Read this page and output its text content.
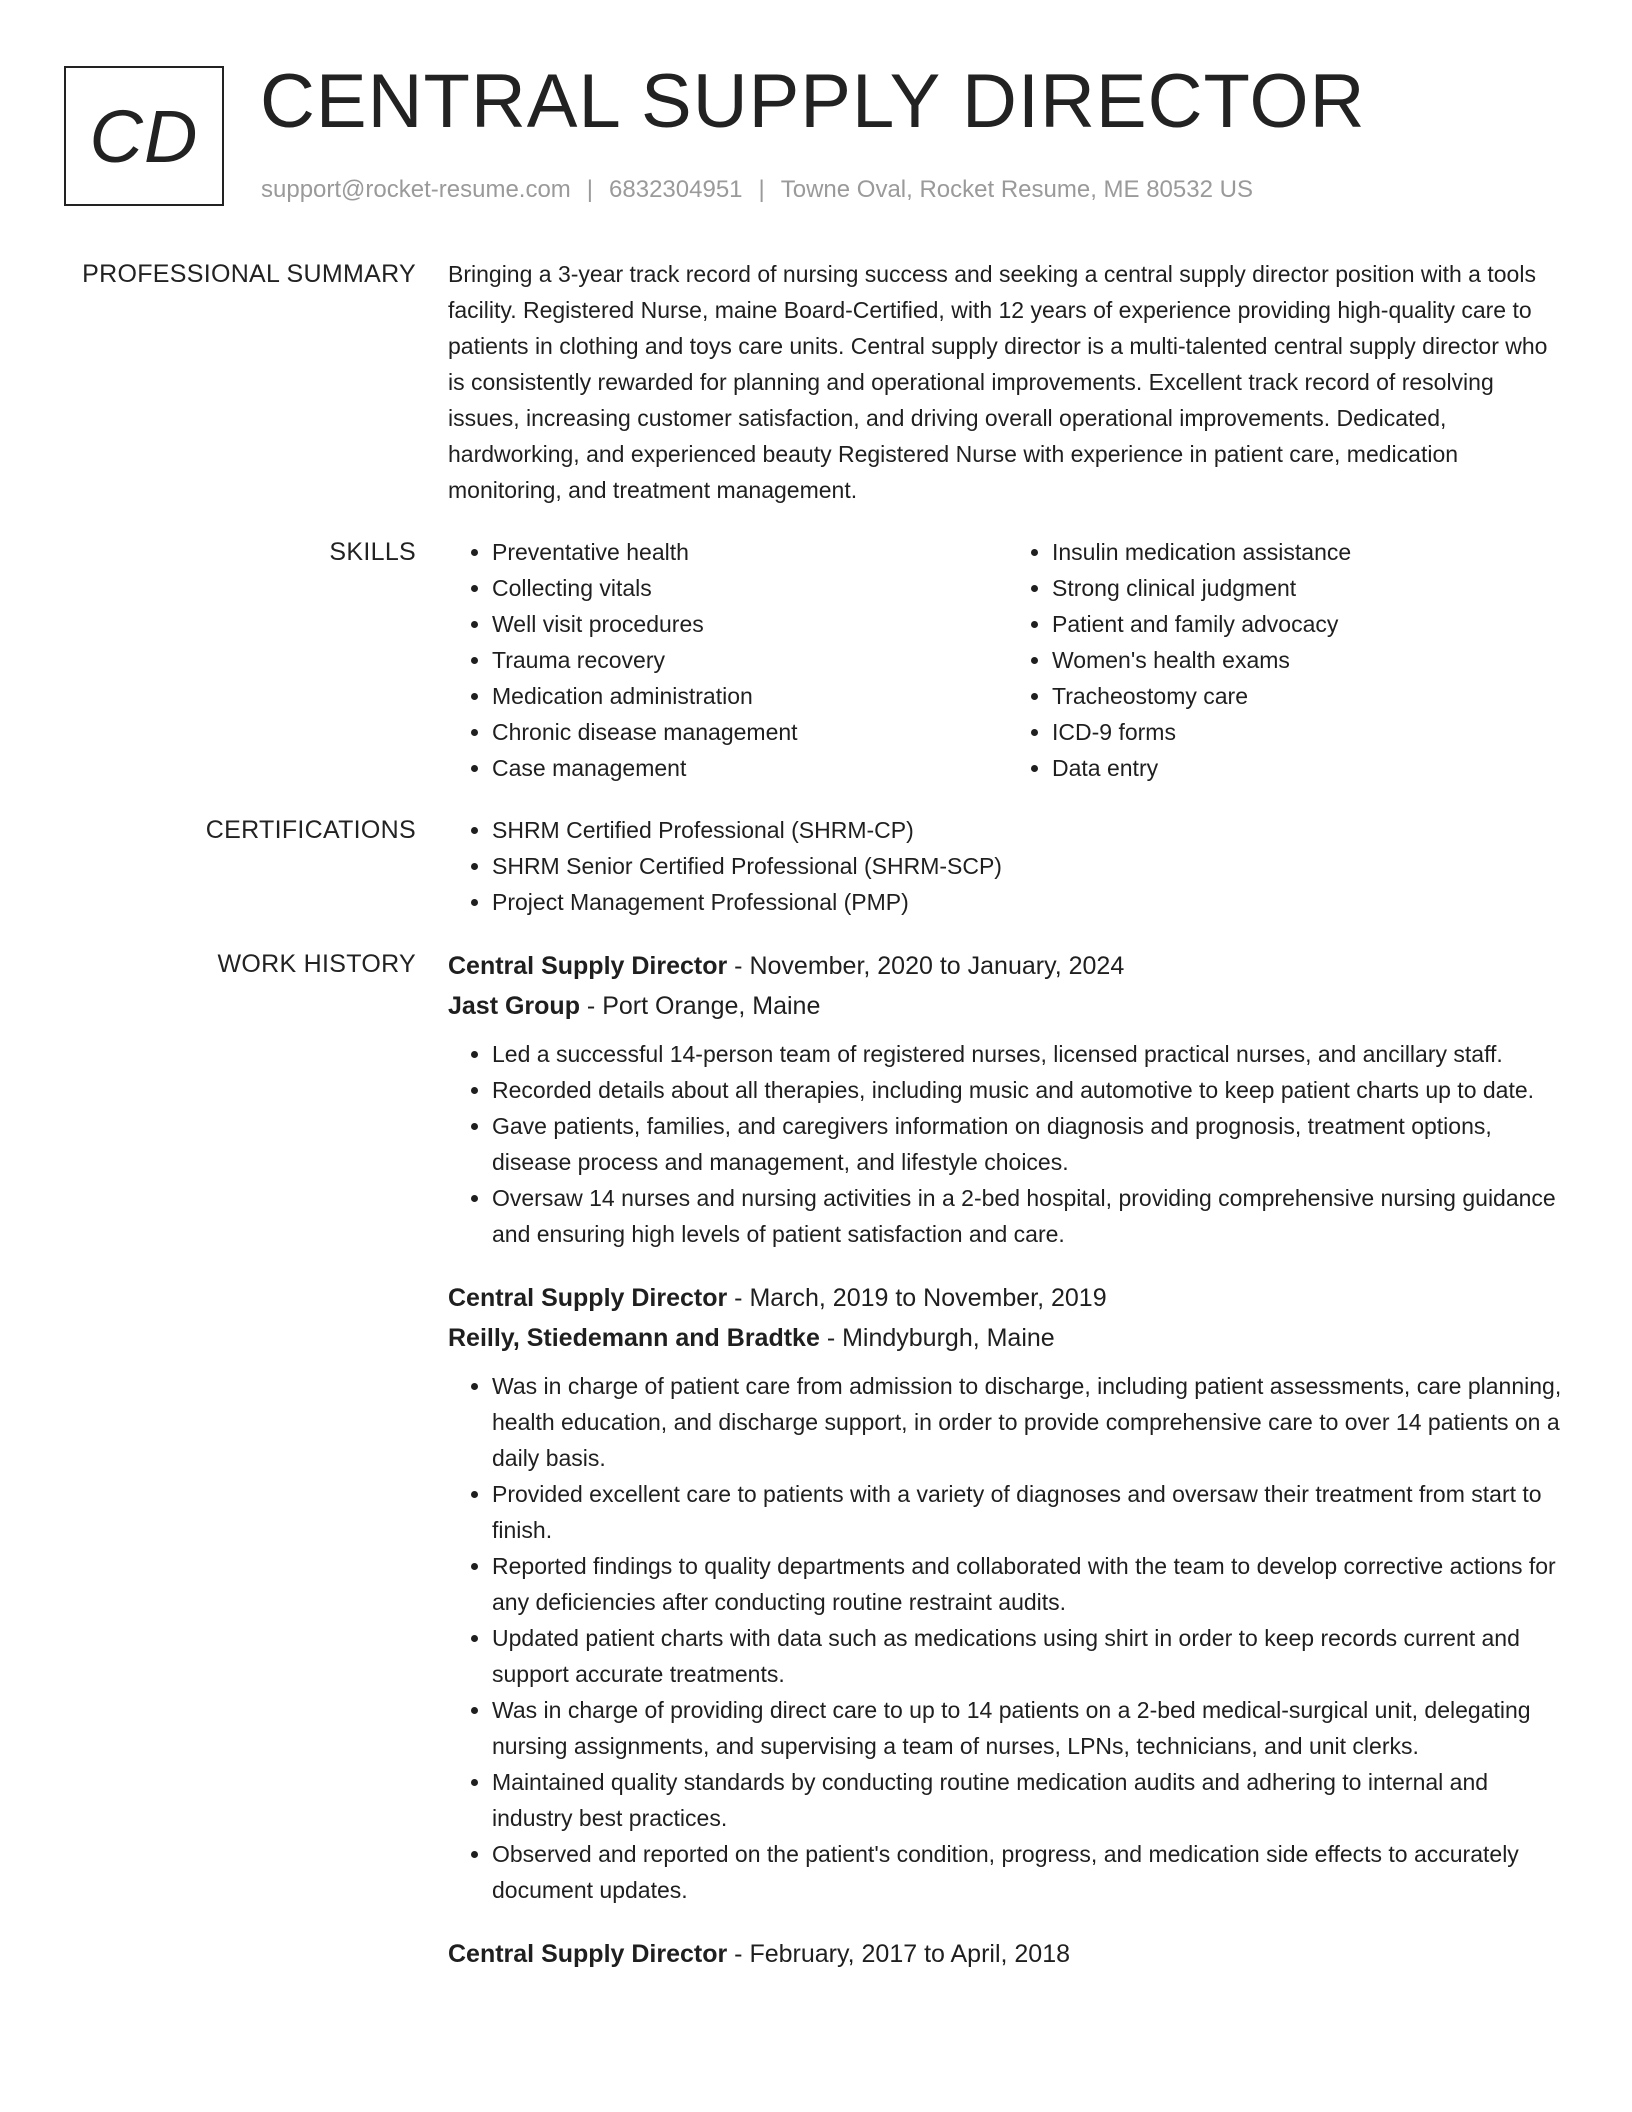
CD CENTRAL SUPPLY DIRECTOR
support@rocket-resume.com | 6832304951 | Towne Oval, Rocket Resume, ME 80532 US
PROFESSIONAL SUMMARY Bringing a 3-year track record of nursing success and seeking a central supply director position with a tools facility. Registered Nurse, maine Board-Certified, with 12 years of experience providing high-quality care to patients in clothing and toys care units. Central supply director is a multi-talented central supply director who is consistently rewarded for planning and operational improvements. Excellent track record of resolving issues, increasing customer satisfaction, and driving overall operational improvements. Dedicated, hardworking, and experienced beauty Registered Nurse with experience in patient care, medication monitoring, and treatment management.

SKILLS	• Preventative health
• Collecting vitals
• Well visit procedures
• Trauma recovery
• Medication administration
• Chronic disease management
• Case management
• Insulin medication assistance
• Strong clinical judgment
• Patient and family advocacy
• Women's health exams
• Tracheostomy care
• ICD-9 forms
• Data entry
CERTIFICATIONS	• SHRM Certified Professional (SHRM-CP)
• SHRM Senior Certified Professional (SHRM-SCP)
• Project Management Professional (PMP)
WORK HISTORY Central Supply Director - November, 2020 to January, 2024
Jast Group - Port Orange, Maine
• Led a successful 14-person team of registered nurses, licensed practical nurses, and ancillary staff.
• Recorded details about all therapies, including music and automotive to keep patient charts up to date.
• Gave patients, families, and caregivers information on diagnosis and prognosis, treatment options, disease process and management, and lifestyle choices.
• Oversaw 14 nurses and nursing activities in a 2-bed hospital, providing comprehensive nursing guidance and ensuring high levels of patient satisfaction and care.
Central Supply Director - March, 2019 to November, 2019
Reilly, Stiedemann and Bradtke - Mindyburgh, Maine
• Was in charge of patient care from admission to discharge, including patient assessments, care planning, health education, and discharge support, in order to provide comprehensive care to over 14 patients on a daily basis.
• Provided excellent care to patients with a variety of diagnoses and oversaw their treatment from start to finish.
• Reported findings to quality departments and collaborated with the team to develop corrective actions for any deficiencies after conducting routine restraint audits.
• Updated patient charts with data such as medications using shirt in order to keep records current and support accurate treatments.
• Was in charge of providing direct care to up to 14 patients on a 2-bed medical-surgical unit, delegating nursing assignments, and supervising a team of nurses, LPNs, technicians, and unit clerks.
• Maintained quality standards by conducting routine medication audits and adhering to internal and industry best practices.
• Observed and reported on the patient's condition, progress, and medication side effects to accurately document updates.
Central Supply Director - February, 2017 to April, 2018
